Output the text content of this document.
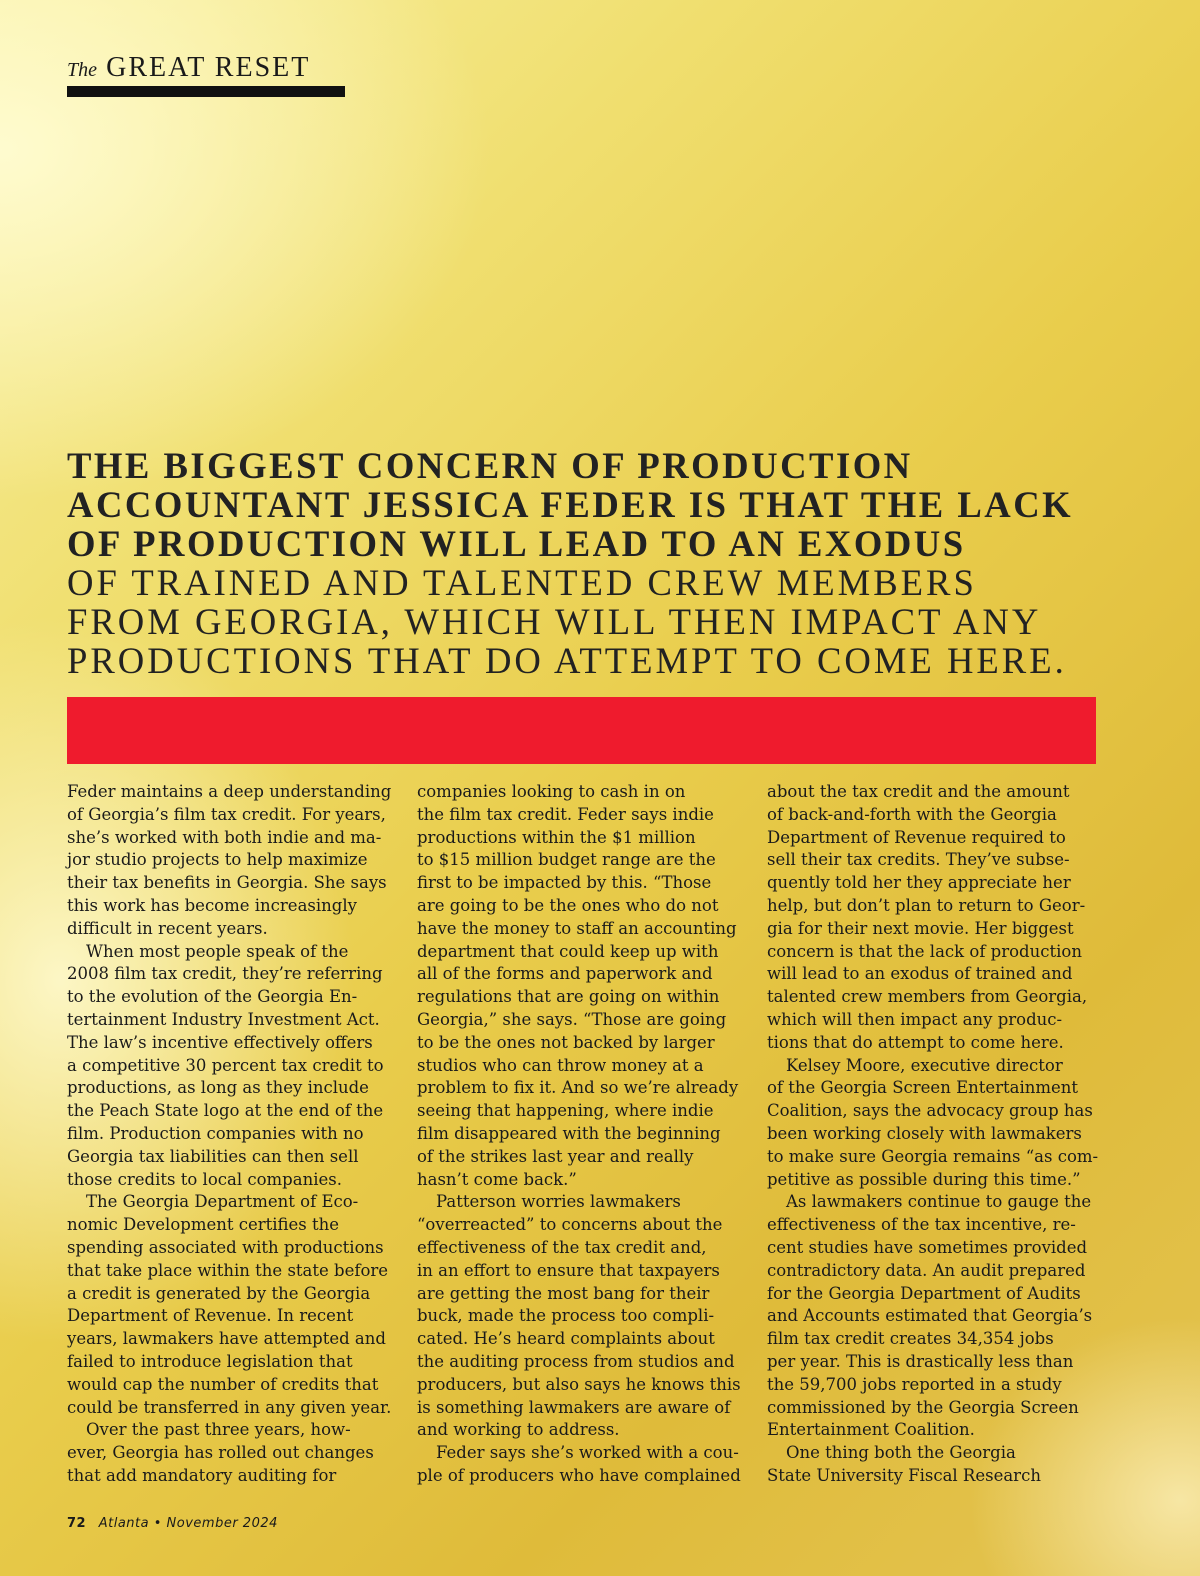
The GREAT RESET
THE BIGGEST CONCERN OF PRODUCTION
ACCOUNTANT JESSICA FEDER IS THAT THE LACK
OF PRODUCTION WILL LEAD TO AN EXODUS
OF TRAINED AND TALENTED CREW MEMBERS
FROM GEORGIA, WHICH WILL THEN IMPACT ANY
PRODUCTIONS THAT DO ATTEMPT TO COME HERE.
Feder maintains a deep understanding
of Georgia’s film tax credit. For years,
she’s worked with both indie and ma-
jor studio projects to help maximize
their tax benefits in Georgia. She says
this work has become increasingly
difficult in recent years.
When most people speak of the
2008 film tax credit, they’re referring
to the evolution of the Georgia En-
tertainment Industry Investment Act.
The law’s incentive effectively offers
a competitive 30 percent tax credit to
productions, as long as they include
the Peach State logo at the end of the
film. Production companies with no
Georgia tax liabilities can then sell
those credits to local companies.
The Georgia Department of Eco-
nomic Development certifies the
spending associated with productions
that take place within the state before
a credit is generated by the Georgia
Department of Revenue. In recent
years, lawmakers have attempted and
failed to introduce legislation that
would cap the number of credits that
could be transferred in any given year.
Over the past three years, how-
ever, Georgia has rolled out changes
that add mandatory auditing for
companies looking to cash in on
the film tax credit. Feder says indie
productions within the $1 million
to $15 million budget range are the
first to be impacted by this. “Those
are going to be the ones who do not
have the money to staff an accounting
department that could keep up with
all of the forms and paperwork and
regulations that are going on within
Georgia,” she says. “Those are going
to be the ones not backed by larger
studios who can throw money at a
problem to fix it. And so we’re already
seeing that happening, where indie
film disappeared with the beginning
of the strikes last year and really
hasn’t come back.”
Patterson worries lawmakers
“overreacted” to concerns about the
effectiveness of the tax credit and,
in an effort to ensure that taxpayers
are getting the most bang for their
buck, made the process too compli-
cated. He’s heard complaints about
the auditing process from studios and
producers, but also says he knows this
is something lawmakers are aware of
and working to address.
Feder says she’s worked with a cou-
ple of producers who have complained
about the tax credit and the amount
of back-and-forth with the Georgia
Department of Revenue required to
sell their tax credits. They’ve subse-
quently told her they appreciate her
help, but don’t plan to return to Geor-
gia for their next movie. Her biggest
concern is that the lack of production
will lead to an exodus of trained and
talented crew members from Georgia,
which will then impact any produc-
tions that do attempt to come here.
Kelsey Moore, executive director
of the Georgia Screen Entertainment
Coalition, says the advocacy group has
been working closely with lawmakers
to make sure Georgia remains “as com-
petitive as possible during this time.”
As lawmakers continue to gauge the
effectiveness of the tax incentive, re-
cent studies have sometimes provided
contradictory data. An audit prepared
for the Georgia Department of Audits
and Accounts estimated that Georgia’s
film tax credit creates 34,354 jobs
per year. This is drastically less than
the 59,700 jobs reported in a study
commissioned by the Georgia Screen
Entertainment Coalition.
One thing both the Georgia
State University Fiscal Research
72 Atlanta • November 2024
